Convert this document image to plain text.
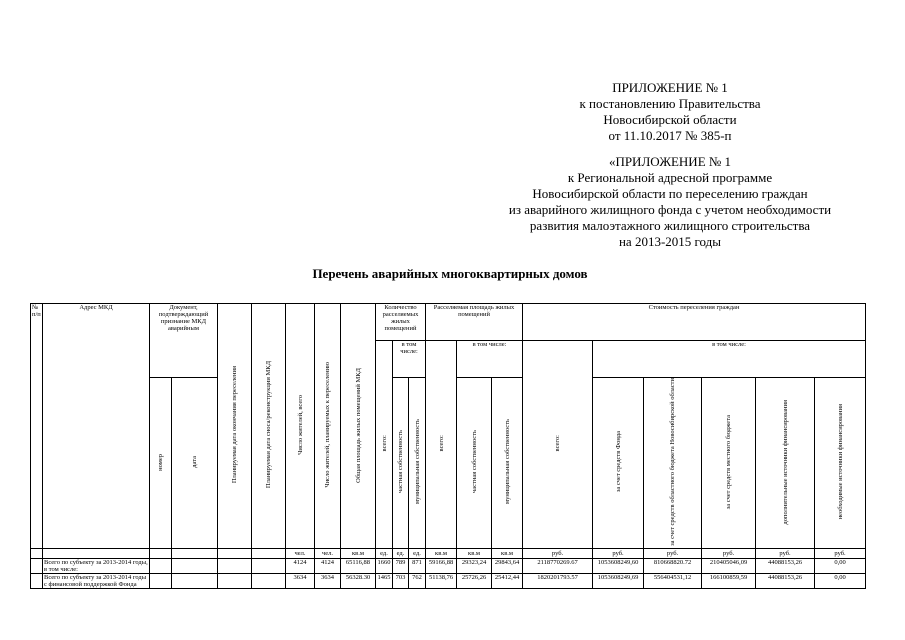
ПРИЛОЖЕНИЕ № 1
к постановлению Правительства
Новосибирской области
от 11.10.2017 № 385-п
«ПРИЛОЖЕНИЕ № 1
к Региональной адресной программе
Новосибирской области по переселению граждан
из аварийного жилищного фонда с учетом необходимости
развития малоэтажного жилищного строительства
на 2013-2015 годы
Перечень аварийных многоквартирных домов
№ п/п	Адрес МКД	Документ, подтверждающий признание МКД аварийным		Планируемая дата окончания переселения	Планируемая дата сноса/реконструкции МКД	Число жителей, всего	Число жителей, планируемых к переселению	Общая площадь жилых помещений МКД	Количество расселяемых жилых помещений			Расселяемая площадь жилых помещений			Стоимость переселения граждан					
									всего:	в том числе:		всего:	в том числе:		всего:	в том числе:				
		номер	дата							частная собственность	муниципальная собственность		частная собственность	муниципальная собственность		за счет средств Фонда	за счет средств областного бюджета Новосибирской области	за счет средств местного бюджета	дополнительные источники финансирования	необходимые источники финансирования
						чел.	чел.	кв.м	ед.	ед.	ед.	кв.м	кв.м	кв.м	руб.	руб.	руб.	руб.	руб.	руб.
	Всего по субъекту за 2013-2014 годы, в том числе:					4124	4124	65116,88	1660	789	871	59166,88	29323,24	29843,64	2118770269.67	1053608249,60	810668820.72	210405046,09	44088153,26	0,00
	Всего по субъекту за 2013-2014 годы с финансовой поддержкой Фонда					3634	3634	56328.30	1465	703	762	51138,76	25726,26	25412,44	1820201793.57	1053608249,69	556404531,12	166100859,59	44088153,26	0,00
